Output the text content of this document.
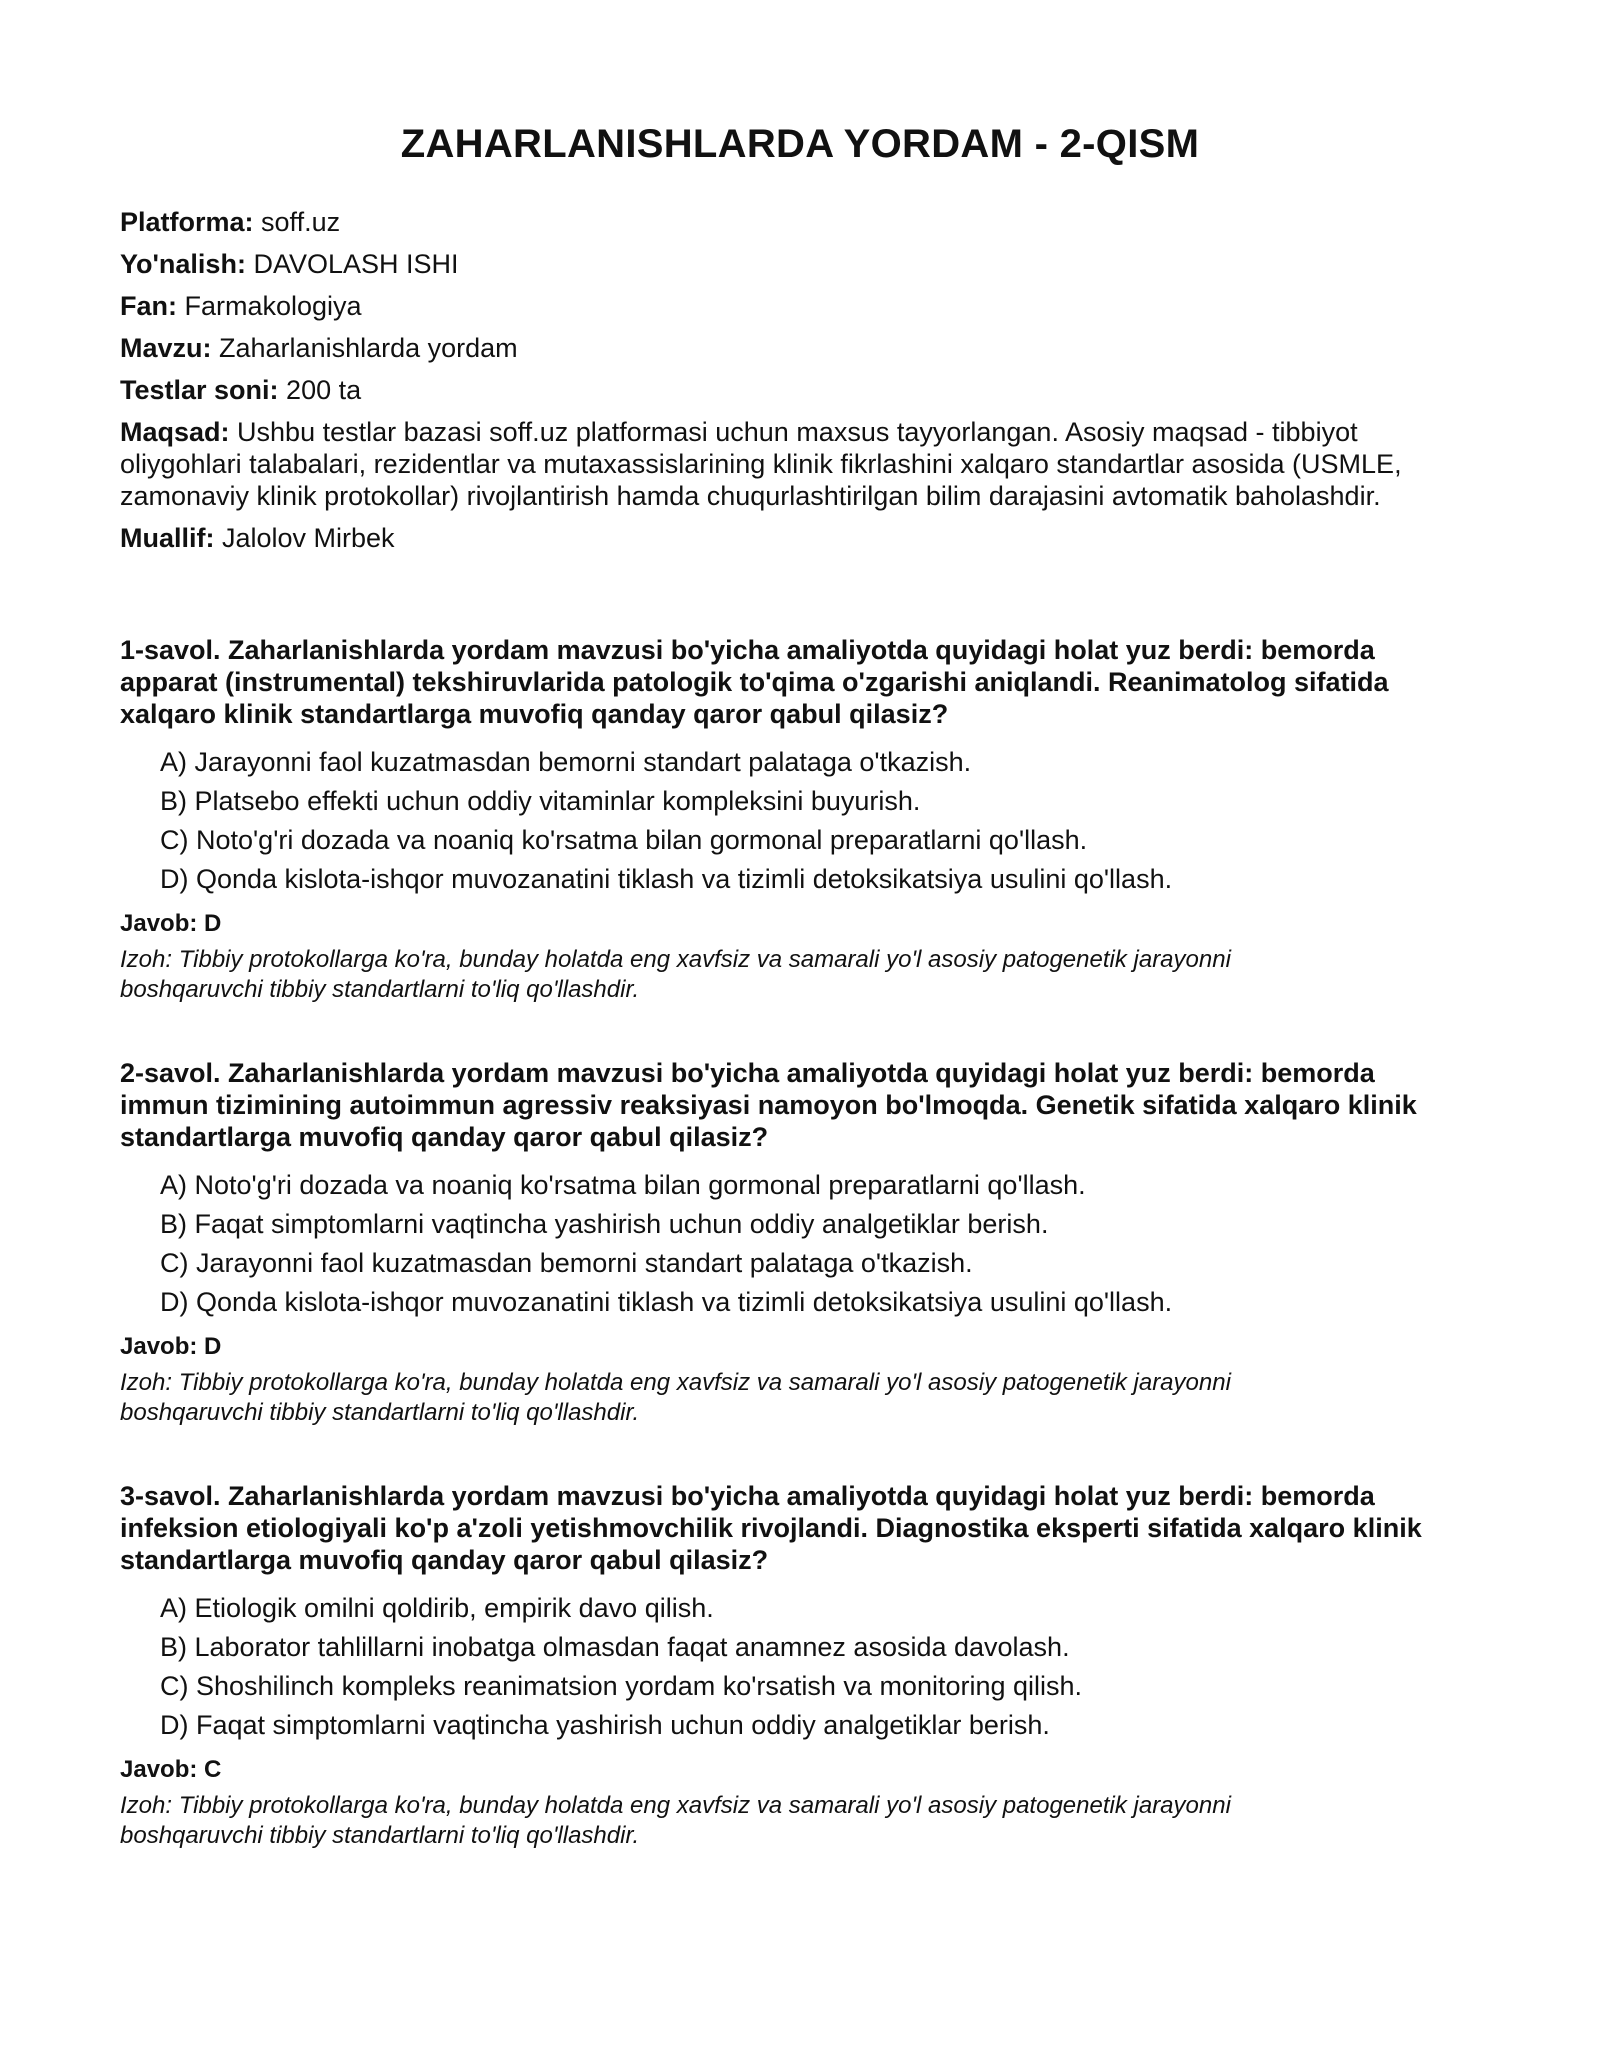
ZAHARLANISHLARDA YORDAM - 2-QISM
Platforma: soff.uz
Yo'nalish: DAVOLASH ISHI
Fan: Farmakologiya
Mavzu: Zaharlanishlarda yordam
Testlar soni: 200 ta
Maqsad: Ushbu testlar bazasi soff.uz platformasi uchun maxsus tayyorlangan. Asosiy maqsad - tibbiyot oliygohlari talabalari, rezidentlar va mutaxassislarining klinik fikrlashini xalqaro standartlar asosida (USMLE, zamonaviy klinik protokollar) rivojlantirish hamda chuqurlashtirilgan bilim darajasini avtomatik baholashdir.
Muallif: Jalolov Mirbek

1-savol. Zaharlanishlarda yordam mavzusi bo'yicha amaliyotda quyidagi holat yuz berdi: bemorda apparat (instrumental) tekshiruvlarida patologik to'qima o'zgarishi aniqlandi. Reanimatolog sifatida xalqaro klinik standartlarga muvofiq qanday qaror qabul qilasiz?

A) Jarayonni faol kuzatmasdan bemorni standart palataga o'tkazish.
B) Platsebo effekti uchun oddiy vitaminlar kompleksini buyurish.
C) Noto'g'ri dozada va noaniq ko'rsatma bilan gormonal preparatlarni qo'llash.
D) Qonda kislota-ishqor muvozanatini tiklash va tizimli detoksikatsiya usulini qo'llash.
Javob: D

Izoh: Tibbiy protokollarga ko'ra, bunday holatda eng xavfsiz va samarali yo'l asosiy patogenetik jarayonni boshqaruvchi tibbiy standartlarni to'liq qo'llashdir.

2-savol. Zaharlanishlarda yordam mavzusi bo'yicha amaliyotda quyidagi holat yuz berdi: bemorda immun tizimining autoimmun agressiv reaksiyasi namoyon bo'lmoqda. Genetik sifatida xalqaro klinik standartlarga muvofiq qanday qaror qabul qilasiz?

A) Noto'g'ri dozada va noaniq ko'rsatma bilan gormonal preparatlarni qo'llash.
B) Faqat simptomlarni vaqtincha yashirish uchun oddiy analgetiklar berish.
C) Jarayonni faol kuzatmasdan bemorni standart palataga o'tkazish.
D) Qonda kislota-ishqor muvozanatini tiklash va tizimli detoksikatsiya usulini qo'llash.
Javob: D

Izoh: Tibbiy protokollarga ko'ra, bunday holatda eng xavfsiz va samarali yo'l asosiy patogenetik jarayonni boshqaruvchi tibbiy standartlarni to'liq qo'llashdir.

3-savol. Zaharlanishlarda yordam mavzusi bo'yicha amaliyotda quyidagi holat yuz berdi: bemorda infeksion etiologiyali ko'p a'zoli yetishmovchilik rivojlandi. Diagnostika eksperti sifatida xalqaro klinik standartlarga muvofiq qanday qaror qabul qilasiz?

A) Etiologik omilni qoldirib, empirik davo qilish.
B) Laborator tahlillarni inobatga olmasdan faqat anamnez asosida davolash.
C) Shoshilinch kompleks reanimatsion yordam ko'rsatish va monitoring qilish.
D) Faqat simptomlarni vaqtincha yashirish uchun oddiy analgetiklar berish.
Javob: C

Izoh: Tibbiy protokollarga ko'ra, bunday holatda eng xavfsiz va samarali yo'l asosiy patogenetik jarayonni boshqaruvchi tibbiy standartlarni to'liq qo'llashdir.
